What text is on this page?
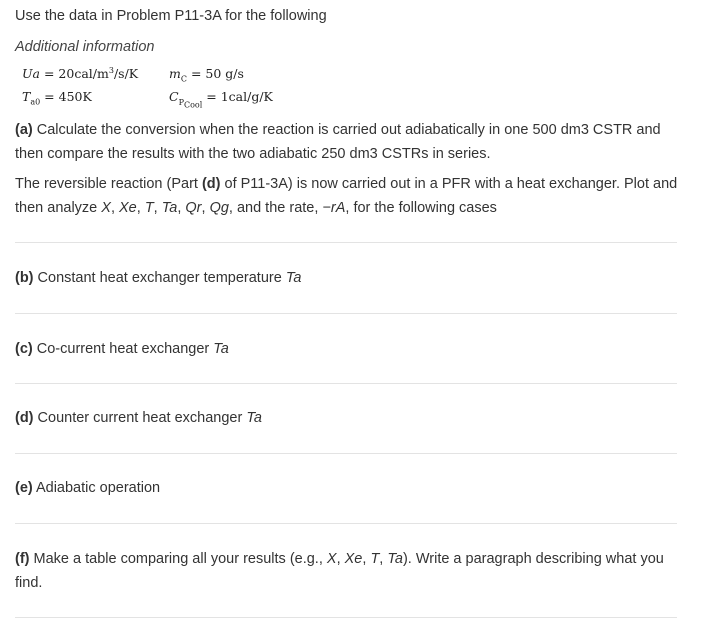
Use the data in Problem P11-3A for the following
Additional information
$Ua = 20cal/m^3/s/K$
$T_{a0} = 450K$
$m_C = 50$ g/s
$C_{P_{Cool}} = 1cal/g/K$
(a) Calculate the conversion when the reaction is carried out adiabatically in one 500 dm3 CSTR and then compare the results with the two adiabatic 250 dm3 CSTRs in series.
The reversible reaction (Part (d) of P11-3A) is now carried out in a PFR with a heat exchanger. Plot and then analyze X, Xe, T, Ta, Qr, Qg, and the rate, −rA, for the following cases
(b) Constant heat exchanger temperature Ta
(c) Co-current heat exchanger Ta
(d) Counter current heat exchanger Ta
(e) Adiabatic operation
(f) Make a table comparing all your results (e.g., X, Xe, T, Ta). Write a paragraph describing what you find.
